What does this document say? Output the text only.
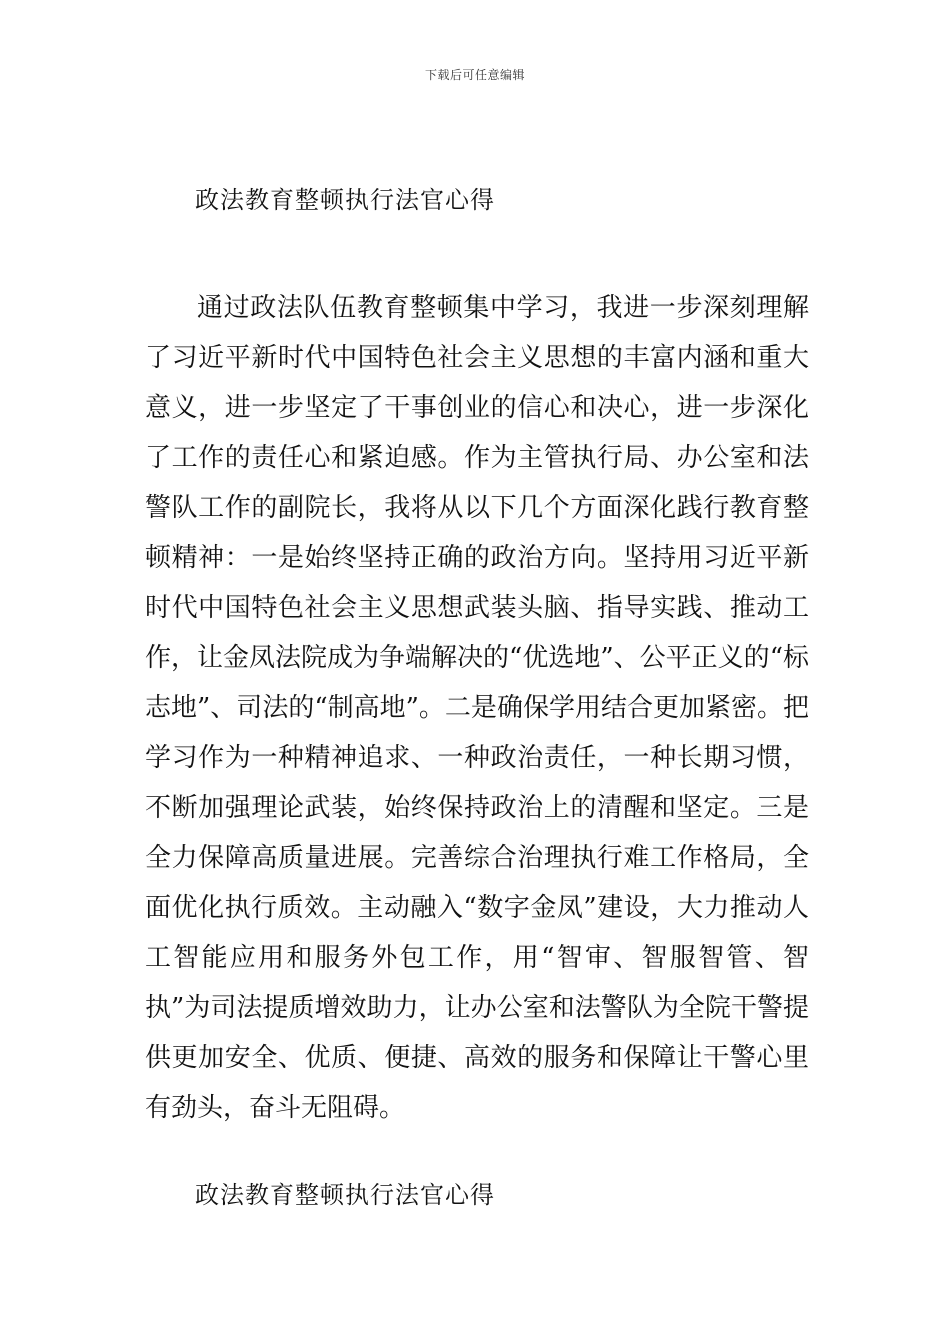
下载后可任意编辑
政法教育整顿执行法官心得

通过政法队伍教育整顿集中学习，我进一步深刻理解了习近平新时代中国特色社会主义思想的丰富内涵和重大意义，进一步坚定了干事创业的信心和决心，进一步深化了工作的责任心和紧迫感。作为主管执行局、办公室和法警队工作的副院长，我将从以下几个方面深化践行教育整顿精神：一是始终坚持正确的政治方向。坚持用习近平新时代中国特色社会主义思想武装头脑、指导实践、推动工作，让金凤法院成为争端解决的“优选地”、公平正义的“标志地”、司法的“制高地”。二是确保学用结合更加紧密。把学习作为一种精神追求、一种政治责任，一种长期习惯，不断加强理论武装，始终保持政治上的清醒和坚定。三是全力保障高质量进展。完善综合治理执行难工作格局，全面优化执行质效。主动融入“数字金凤”建设，大力推动人工智能应用和服务外包工作，用“智审、智服智管、智执”为司法提质增效助力，让办公室和法警队为全院干警提供更加安全、优质、便捷、高效的服务和保障让干警心里有劲头，奋斗无阻碍。

政法教育整顿执行法官心得
